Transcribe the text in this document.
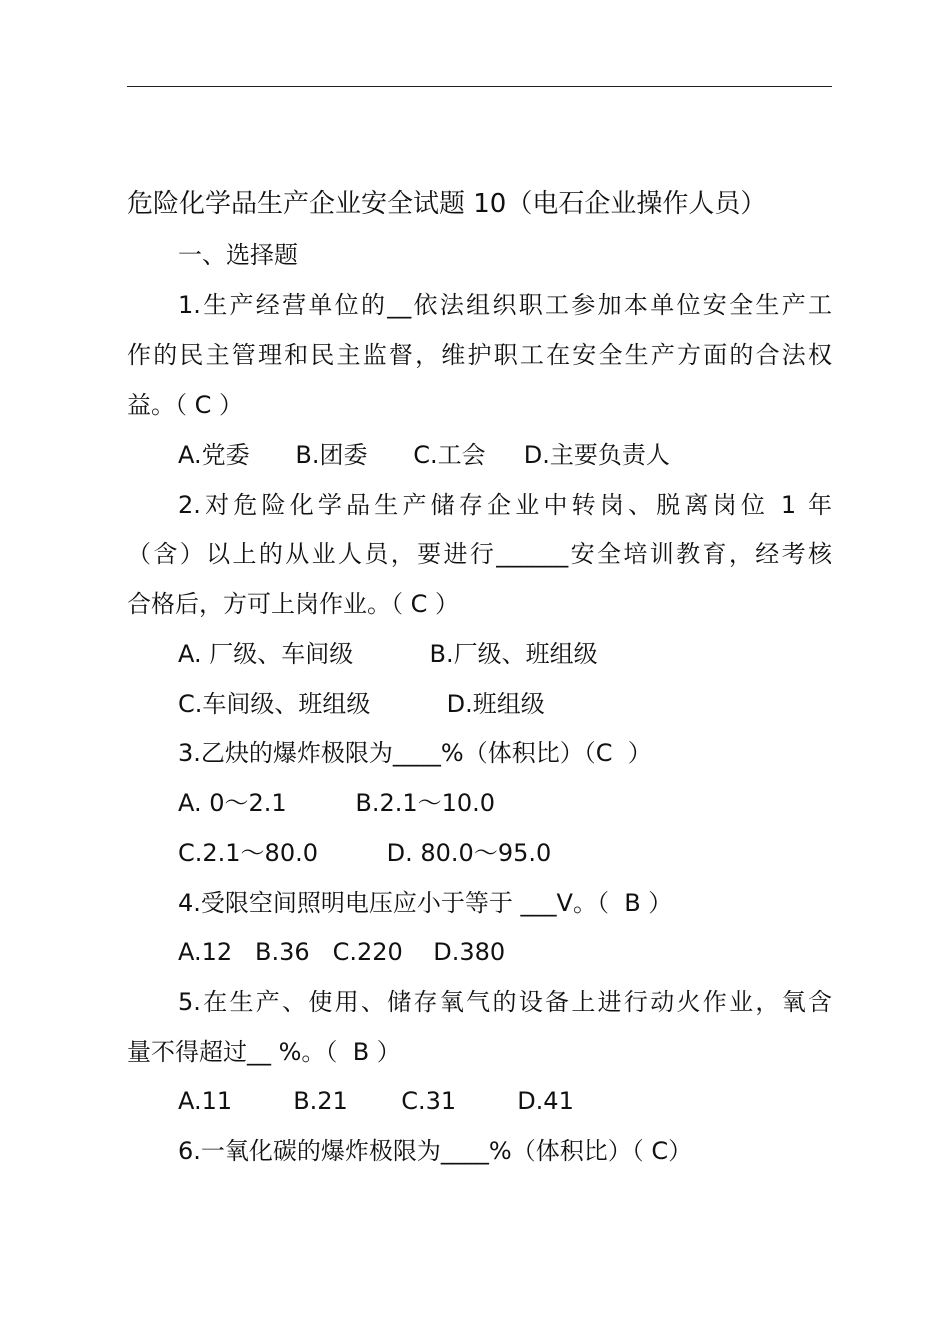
危险化学品生产企业安全试题 10（电石企业操作人员）
一、选择题
1.生产经营单位的__依法组织职工参加本单位安全生产工
作的民主管理和民主监督，维护职工在安全生产方面的合法权
益。（ C ）
A.党委      B.团委      C.工会     D.主要负责人
2.对危险化学品生产储存企业中转岗、脱离岗位 1 年
（含）以上的从业人员，要进行______安全培训教育，经考核
合格后，方可上岗作业。（ C ）
A. 厂级、车间级          B.厂级、班组级
C.车间级、班组级          D.班组级
3.乙炔的爆炸极限为____%（体积比）（C  ）
A. 0～2.1         B.2.1～10.0
C.2.1～80.0         D. 80.0～95.0
4.受限空间照明电压应小于等于 ___V。（  B ）
A.12   B.36   C.220    D.380
5.在生产、使用、储存氧气的设备上进行动火作业，氧含
量不得超过__ %。（  B ）
A.11        B.21       C.31        D.41
6.一氧化碳的爆炸极限为____%（体积比）（ C）
